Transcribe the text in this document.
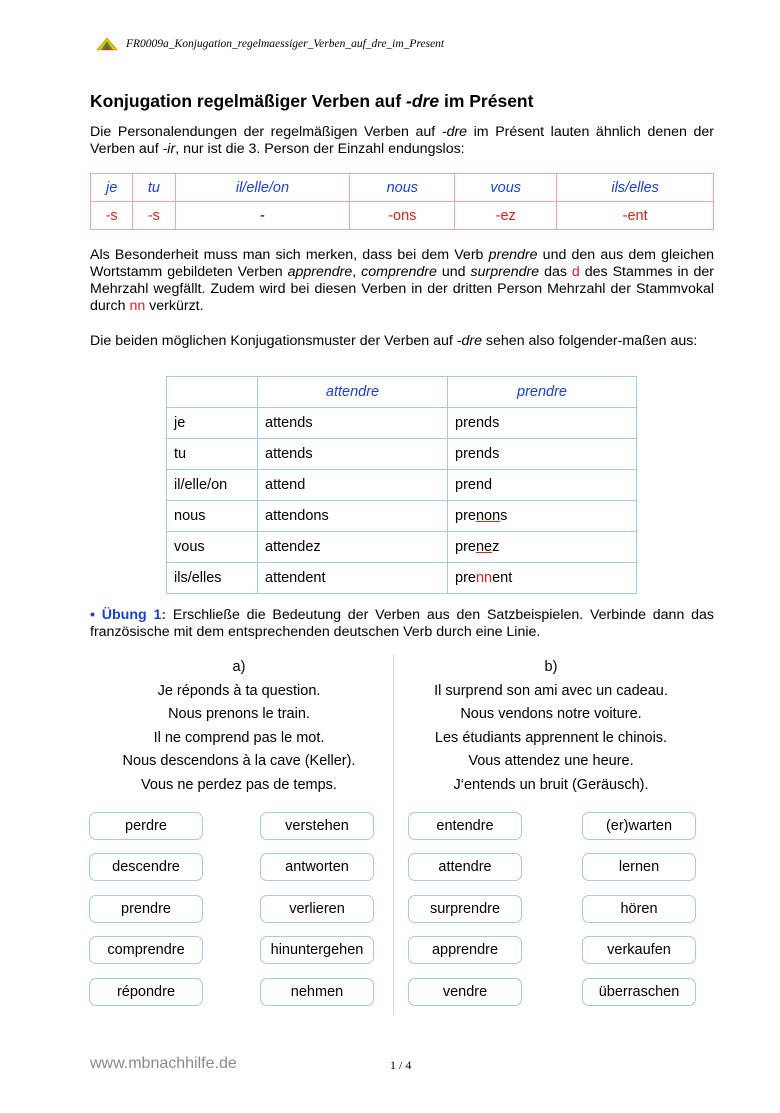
FR0009a_Konjugation_regelmaessiger_Verben_auf_dre_im_Present
Konjugation regelmäßiger Verben auf -dre im Présent

Die Personalendungen der regelmäßigen Verben auf -dre im Présent lauten ähnlich denen der Verben auf -ir, nur ist die 3. Person der Einzahl endungslos:

je	tu	il/elle/on	nous	vous	ils/elles
-s	-s	-	-ons	-ez	-ent

Als Besonderheit muss man sich merken, dass bei dem Verb prendre und den aus dem gleichen Wortstamm gebildeten Verben apprendre, comprendre und surprendre das d des Stammes in der Mehrzahl wegfällt. Zudem wird bei diesen Verben in der dritten Person Mehrzahl der Stammvokal durch nn verkürzt.

Die beiden möglichen Konjugationsmuster der Verben auf -dre sehen also folgender-maßen aus:

	attendre	prendre
je	attends	prends
tu	attends	prends
il/elle/on	attend	prend
nous	attendons	prenons
vous	attendez	prenez
ils/elles	attendent	prennent

• Übung 1: Erschließe die Bedeutung der Verben aus den Satzbeispielen. Verbinde dann das französische mit dem entsprechenden deutschen Verb durch eine Linie.

a)
Je réponds à ta question.
Nous prenons le train.
Il ne comprend pas le mot.
Nous descendons à la cave (Keller).
Vous ne perdez pas de temps.
b)
Il surprend son ami avec un cadeau.
Nous vendons notre voiture.
Les étudiants apprennent le chinois.
Vous attendez une heure.
J‘entends un bruit (Geräusch).
perdre
descendre
prendre
comprendre
répondre
verstehen
antworten
verlieren
hinuntergehen
nehmen
entendre
attendre
surprendre
apprendre
vendre
(er)warten
lernen
hören
verkaufen
überraschen
www.mbnachhilfe.de	1 / 4
